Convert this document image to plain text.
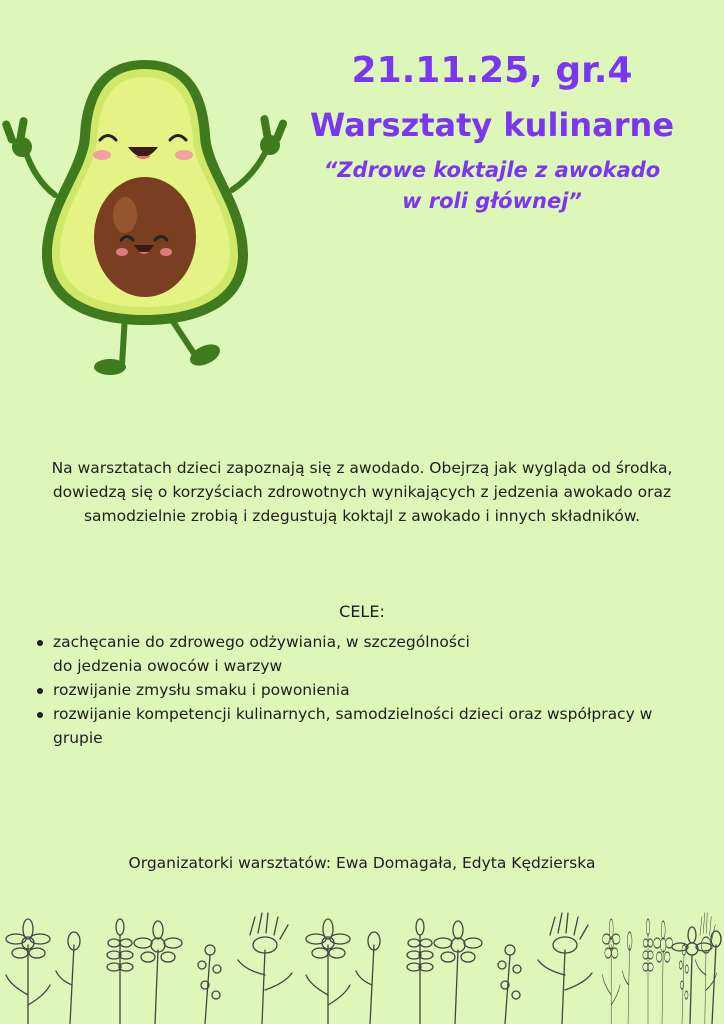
21.11.25, gr.4
Warsztaty kulinarne
“Zdrowe koktajle z awokado
w roli głównej”
Na warsztatach dzieci zapoznają się z awodado. Obejrzą jak wygląda od środka,
dowiedzą się o korzyściach zdrowotnych wynikających z jedzenia awokado oraz
samodzielnie zrobią i zdegustują koktajl z awokado i innych składników.
CELE:
zachęcanie do zdrowego odżywiania, w szczególności
do jedzenia owoców i warzyw
rozwijanie zmysłu smaku i powonienia
rozwijanie kompetencji kulinarnych, samodzielności dzieci oraz współpracy w
grupie
Organizatorki warsztatów: Ewa Domagała, Edyta Kędzierska
